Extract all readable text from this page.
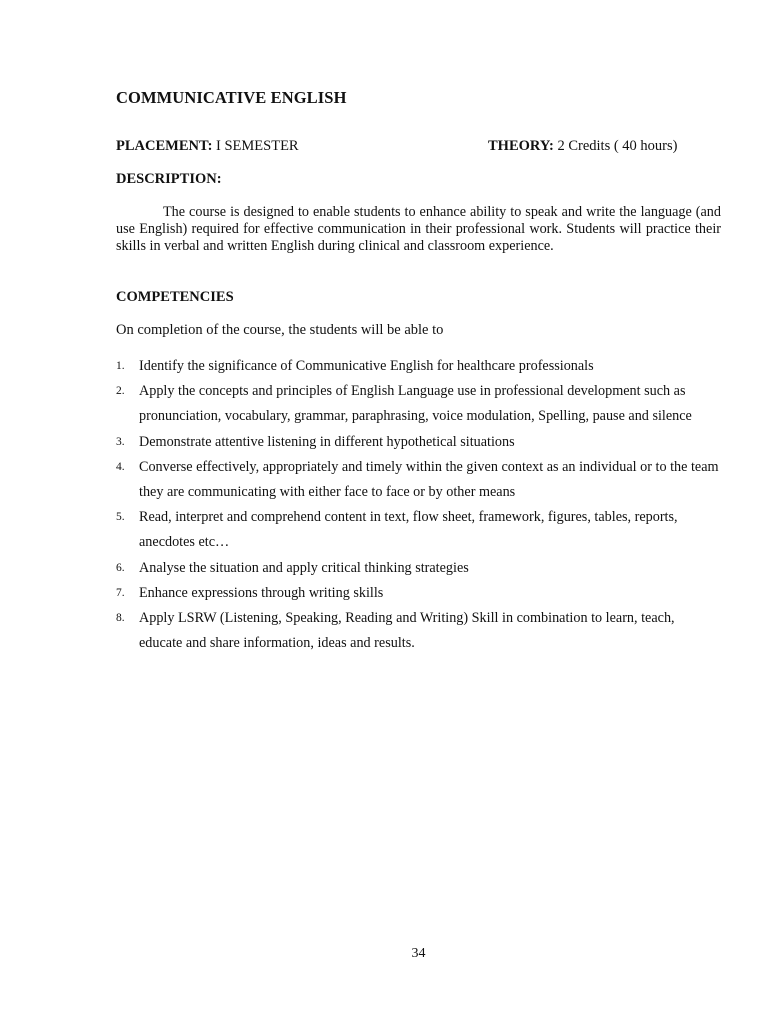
COMMUNICATIVE ENGLISH
PLACEMENT: I SEMESTER	THEORY: 2 Credits ( 40 hours)
DESCRIPTION:

The course is designed to enable students to enhance ability to speak and write the language (and use English) required for effective communication in their professional work. Students will practice their skills in verbal and written English during clinical and classroom experience.

COMPETENCIES
On completion of the course, the students will be able to
1. Identify the significance of Communicative English for healthcare professionals
2. Apply the concepts and principles of English Language use in professional development such as pronunciation, vocabulary, grammar, paraphrasing, voice modulation, Spelling, pause and silence
3. Demonstrate attentive listening in different hypothetical situations
4. Converse effectively, appropriately and timely within the given context as an individual or to the team they are communicating with either face to face or by other means
5. Read, interpret and comprehend content in text, flow sheet, framework, figures, tables, reports, anecdotes etc…
6. Analyse the situation and apply critical thinking strategies
7. Enhance expressions through writing skills
8. Apply LSRW (Listening, Speaking, Reading and Writing) Skill in combination to learn, teach, educate and share information, ideas and results.
34
